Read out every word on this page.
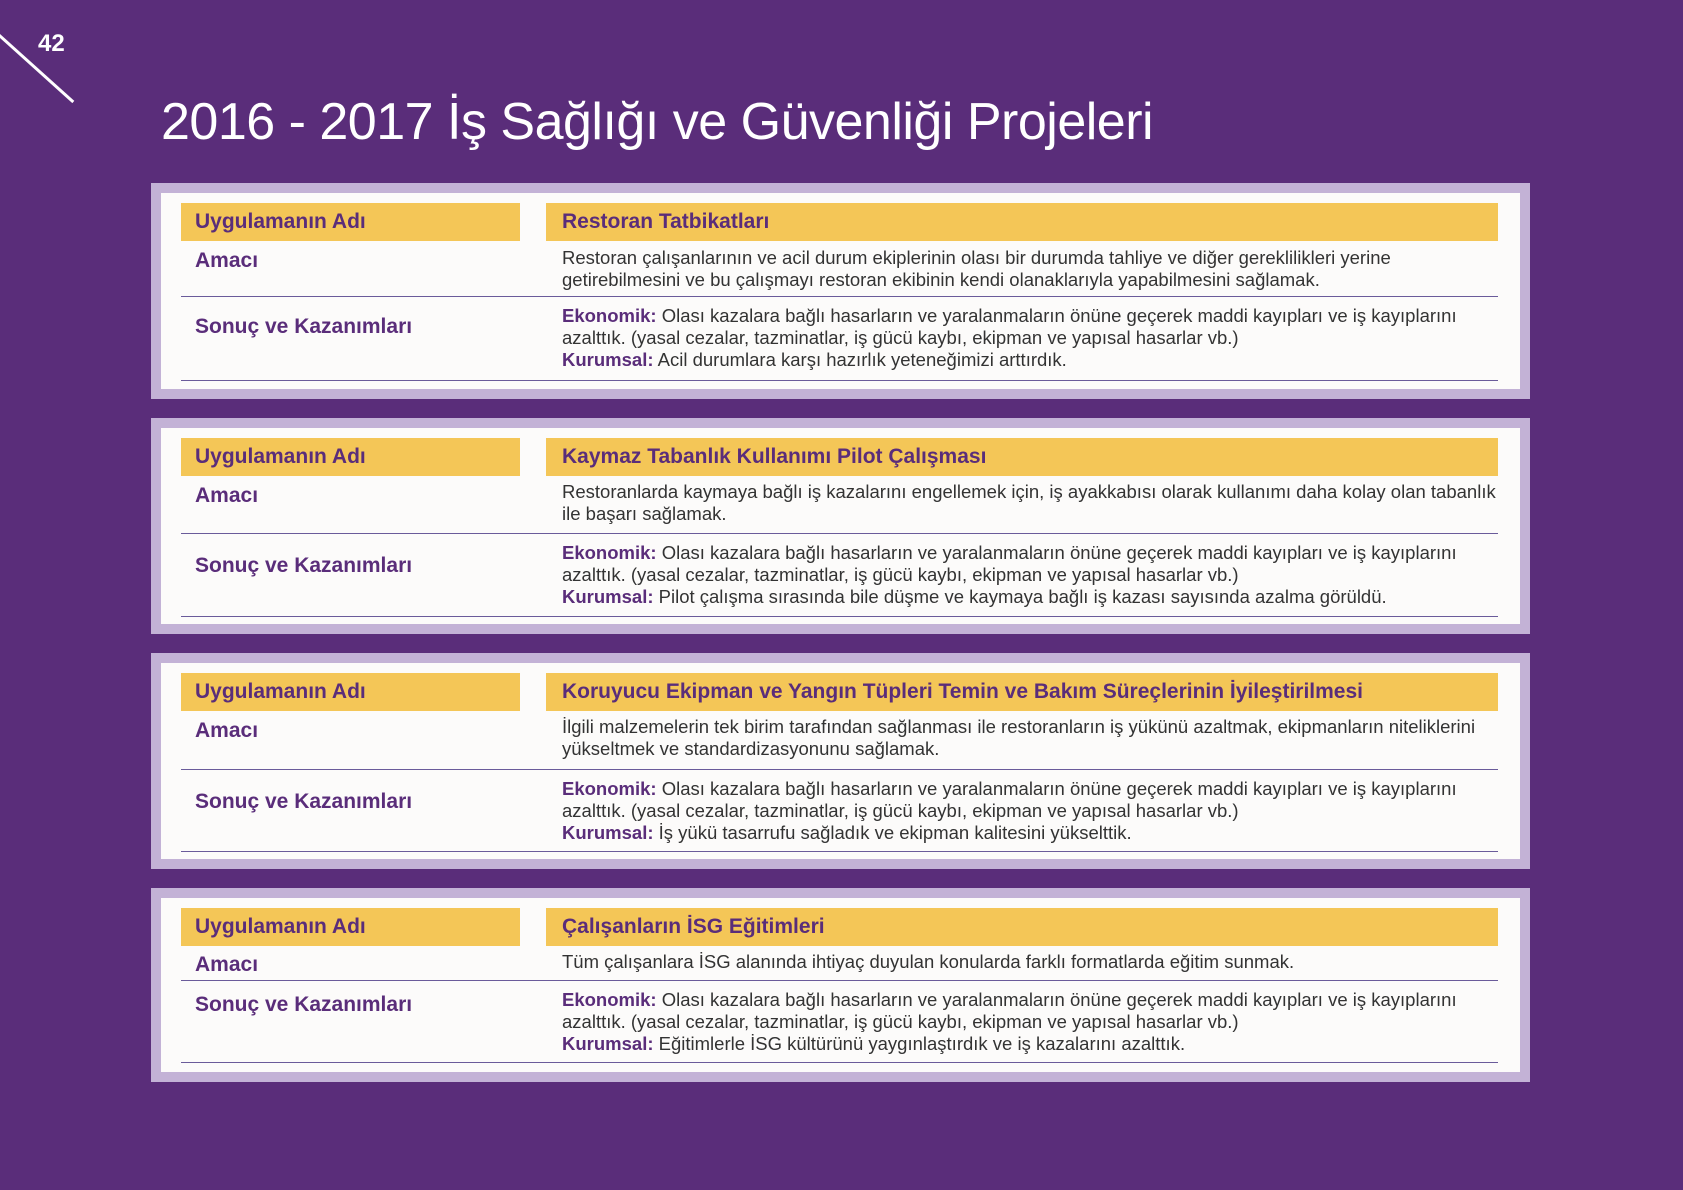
42
2016 - 2017 İş Sağlığı ve Güvenliği Projeleri
Uygulamanın Adı	Restoran Tatbikatları
Amacı	Restoran çalışanlarının ve acil durum ekiplerinin olası bir durumda tahliye ve diğer gereklilikleri yerine getirebilmesini ve bu çalışmayı restoran ekibinin kendi olanaklarıyla yapabilmesini sağlamak.
Sonuç ve Kazanımları	Ekonomik: Olası kazalara bağlı hasarların ve yaralanmaların önüne geçerek maddi kayıpları ve iş kayıplarını azalttık. (yasal cezalar, tazminatlar, iş gücü kaybı, ekipman ve yapısal hasarlar vb.)
Kurumsal: Acil durumlara karşı hazırlık yeteneğimizi arttırdık.
Uygulamanın Adı	Kaymaz Tabanlık Kullanımı Pilot Çalışması
Amacı	Restoranlarda kaymaya bağlı iş kazalarını engellemek için, iş ayakkabısı olarak kullanımı daha kolay olan tabanlık ile başarı sağlamak.
Sonuç ve Kazanımları
Ekonomik: Olası kazalara bağlı hasarların ve yaralanmaların önüne geçerek maddi kayıpları ve iş kayıplarını azalttık. (yasal cezalar, tazminatlar, iş gücü kaybı, ekipman ve yapısal hasarlar vb.)
Kurumsal: Pilot çalışma sırasında bile düşme ve kaymaya bağlı iş kazası sayısında azalma görüldü.
Uygulamanın Adı	Koruyucu Ekipman ve Yangın Tüpleri Temin ve Bakım Süreçlerinin İyileştirilmesi
Amacı	İlgili malzemelerin tek birim tarafından sağlanması ile restoranların iş yükünü azaltmak, ekipmanların niteliklerini yükseltmek ve standardizasyonunu sağlamak.
Sonuç ve Kazanımları
Ekonomik: Olası kazalara bağlı hasarların ve yaralanmaların önüne geçerek maddi kayıpları ve iş kayıplarını azalttık. (yasal cezalar, tazminatlar, iş gücü kaybı, ekipman ve yapısal hasarlar vb.)
Kurumsal: İş yükü tasarrufu sağladık ve ekipman kalitesini yükselttik.
Uygulamanın Adı	Çalışanların İSG Eğitimleri
Amacı	Tüm çalışanlara İSG alanında ihtiyaç duyulan konularda farklı formatlarda eğitim sunmak.
Sonuç ve Kazanımları	Ekonomik: Olası kazalara bağlı hasarların ve yaralanmaların önüne geçerek maddi kayıpları ve iş kayıplarını azalttık. (yasal cezalar, tazminatlar, iş gücü kaybı, ekipman ve yapısal hasarlar vb.)
Kurumsal: Eğitimlerle İSG kültürünü yaygınlaştırdık ve iş kazalarını azalttık.
